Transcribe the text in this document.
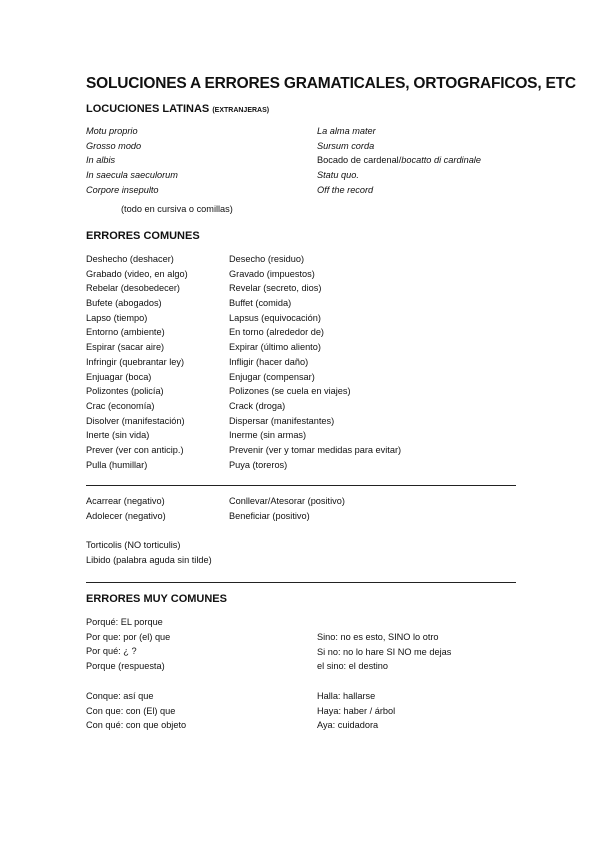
SOLUCIONES A ERRORES GRAMATICALES, ORTOGRAFICOS, ETC
LOCUCIONES LATINAS (EXTRANJERAS)
Motu proprio
Grosso modo
In albis
In saecula saeculorum
Corpore insepulto
La alma mater
Sursum corda
Bocado de cardenal/bocatto di cardinale
Statu quo.
Off the record
(todo en cursiva o comillas)
ERRORES COMUNES
Deshecho (deshacer)
Grabado (video, en algo)
Rebelar (desobedecer)
Bufete (abogados)
Lapso (tiempo)
Entorno (ambiente)
Espirar (sacar aire)
Infringir (quebrantar ley)
Enjuagar (boca)
Polizontes (policía)
Crac (economía)
Disolver (manifestación)
Inerte (sin vida)
Prever (ver con anticip.)
Pulla (humillar)
Desecho (residuo)
Gravado (impuestos)
Revelar (secreto, dios)
Buffet (comida)
Lapsus (equivocación)
En torno (alrededor de)
Expirar (último aliento)
Infligir (hacer daño)
Enjugar (compensar)
Polizones (se cuela en viajes)
Crack (droga)
Dispersar (manifestantes)
Inerme (sin armas)
Prevenir (ver y tomar medidas para evitar)
Puya (toreros)
Acarrear (negativo)
Adolecer (negativo)
Conllevar/Atesorar (positivo)
Beneficiar (positivo)
Torticolis (NO torticulis)
Libido (palabra aguda sin tilde)
ERRORES MUY COMUNES
Porqué: EL porque
Por que: por (el) que
Por qué: ¿ ?
Porque (respuesta)
Sino: no es esto, SINO lo otro
Si no: no lo hare SI NO me dejas
el sino: el destino
Conque: así que
Con que: con (El) que
Con qué: con que objeto
Halla: hallarse
Haya: haber / árbol
Aya: cuidadora
